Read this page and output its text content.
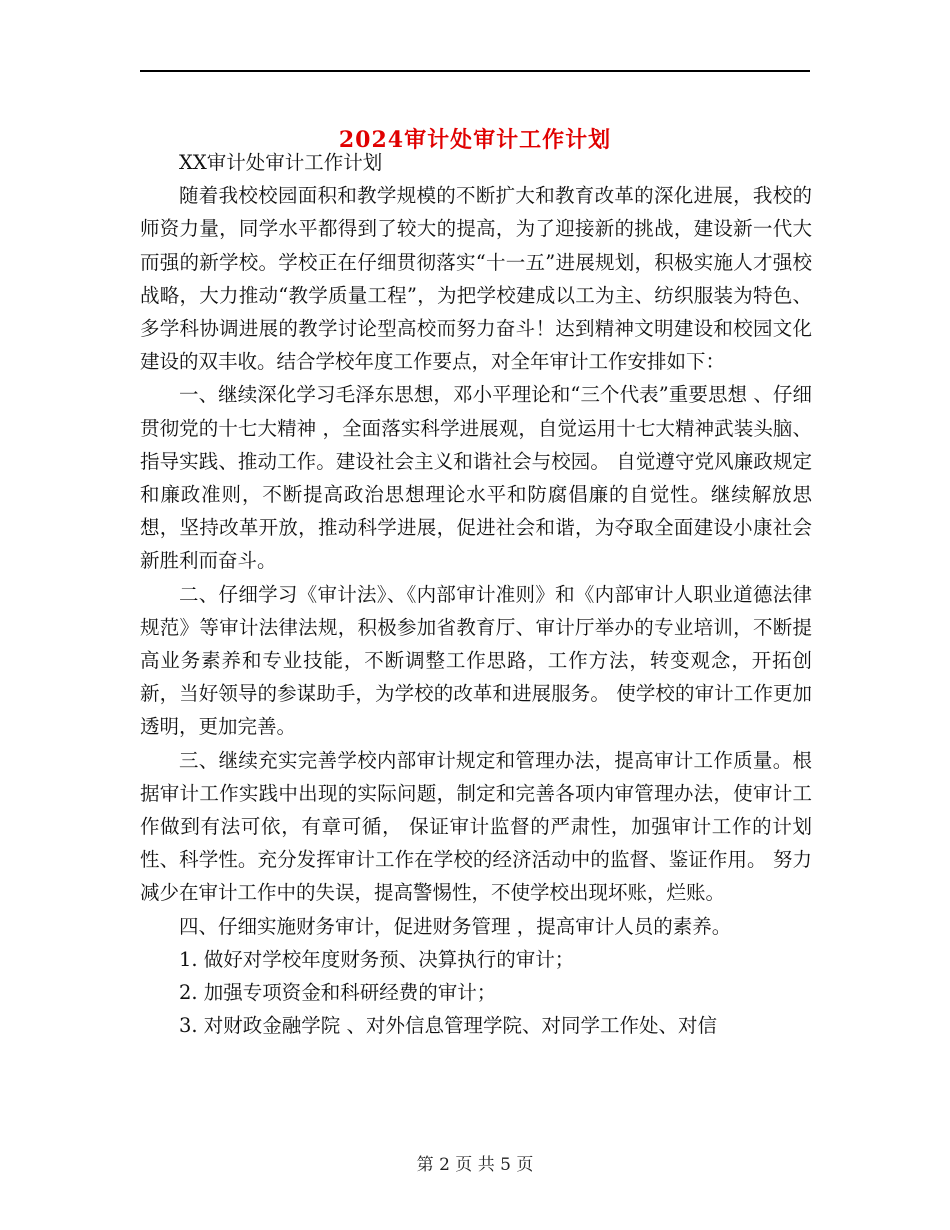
2024审计处审计工作计划

XX审计处审计工作计划

随着我校校园面积和教学规模的不断扩大和教育改革的深化进展，我校的师资力量，同学水平都得到了较大的提高，为了迎接新的挑战，建设新一代大而强的新学校。学校正在仔细贯彻落实“十一五”进展规划，积极实施人才强校战略，大力推动“教学质量工程”，为把学校建成以工为主、纺织服装为特色、多学科协调进展的教学讨论型高校而努力奋斗！达到精神文明建设和校园文化建设的双丰收。结合学校年度工作要点，对全年审计工作安排如下：

一、继续深化学习毛泽东思想，邓小平理论和“三个代表”重要思想 、仔细贯彻党的十七大精神 ，全面落实科学进展观，自觉运用十七大精神武装头脑、指导实践、推动工作。建设社会主义和谐社会与校园。 自觉遵守党风廉政规定和廉政准则，不断提高政治思想理论水平和防腐倡廉的自觉性。继续解放思想，坚持改革开放，推动科学进展，促进社会和谐，为夺取全面建设小康社会新胜利而奋斗。

二、仔细学习《审计法》、《内部审计准则》和《内部审计人职业道德法律规范》等审计法律法规，积极参加省教育厅、审计厅举办的专业培训，不断提高业务素养和专业技能，不断调整工作思路，工作方法，转变观念，开拓创新，当好领导的参谋助手，为学校的改革和进展服务。 使学校的审计工作更加透明，更加完善。

三、继续充实完善学校内部审计规定和管理办法，提高审计工作质量。根据审计工作实践中出现的实际问题，制定和完善各项内审管理办法，使审计工作做到有法可依，有章可循， 保证审计监督的严肃性，加强审计工作的计划性、科学性。充分发挥审计工作在学校的经济活动中的监督、鉴证作用。 努力减少在审计工作中的失误，提高警惕性，不使学校出现坏账，烂账。

四、仔细实施财务审计，促进财务管理 ，提高审计人员的素养。

1. 做好对学校年度财务预、决算执行的审计；

2. 加强专项资金和科研经费的审计；

3. 对财政金融学院 、对外信息管理学院、对同学工作处、对信

第 2 页 共 5 页
